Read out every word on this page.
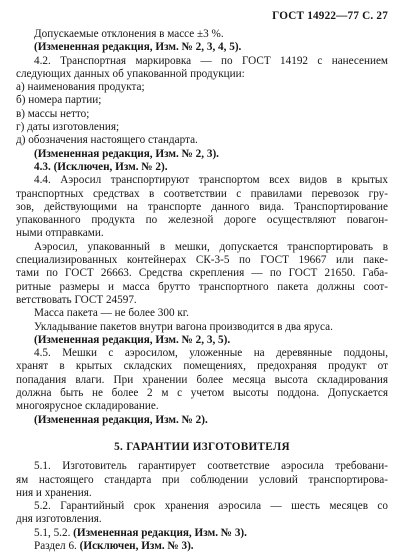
ГОСТ 14922—77 С. 27

Допускаемые отклонения в массе ±3 %.

(Измененная редакция, Изм. № 2, 3, 4, 5).

4.2. Транспортная маркировка — по ГОСТ 14192 с нанесением
следующих данных об упакованной продукции:

а) наименования продукта;
б) номера партии;
в) массы нетто;
г) даты изготовления;
д) обозначения настоящего стандарта.

(Измененная редакция, Изм. № 2, 3).

4.3. (Исключен, Изм. № 2).

4.4. Аэросил транспортируют транспортом всех видов в крытых
транспортных средствах в соответствии с правилами перевозок гру-
зов, действующими на транспорте данного вида. Транспортирование
упакованного продукта по железной дороге осуществляют повагон-
ными отправками.

Аэросил, упакованный в мешки, допускается транспортировать в
специализированных контейнерах СК-3-5 по ГОСТ 19667 или паке-
тами по ГОСТ 26663. Средства скрепления — по ГОСТ 21650. Габа-
ритные размеры и масса брутто транспортного пакета должны соот-
ветствовать ГОСТ 24597.

Масса пакета — не более 300 кг.

Укладывание пакетов внутри вагона производится в два яруса.

(Измененная редакция, Изм. № 2, 3, 5).

4.5. Мешки с аэросилом, уложенные на деревянные поддоны,
хранят в крытых складских помещениях, предохраняя продукт от
попадания влаги. При хранении более месяца высота складирования
должна быть не более 2 м с учетом высоты поддона. Допускается
многоярусное складирование.

(Измененная редакция, Изм. № 2).

5. ГАРАНТИИ ИЗГОТОВИТЕЛЯ

5.1. Изготовитель гарантирует соответствие аэросила требовани-
ям настоящего стандарта при соблюдении условий транспортирова-
ния и хранения.

5.2. Гарантийный срок хранения аэросила — шесть месяцев со
дня изготовления.

5.1, 5.2. (Измененная редакция, Изм. № 3).

Раздел 6. (Исключен, Изм. № 3).
